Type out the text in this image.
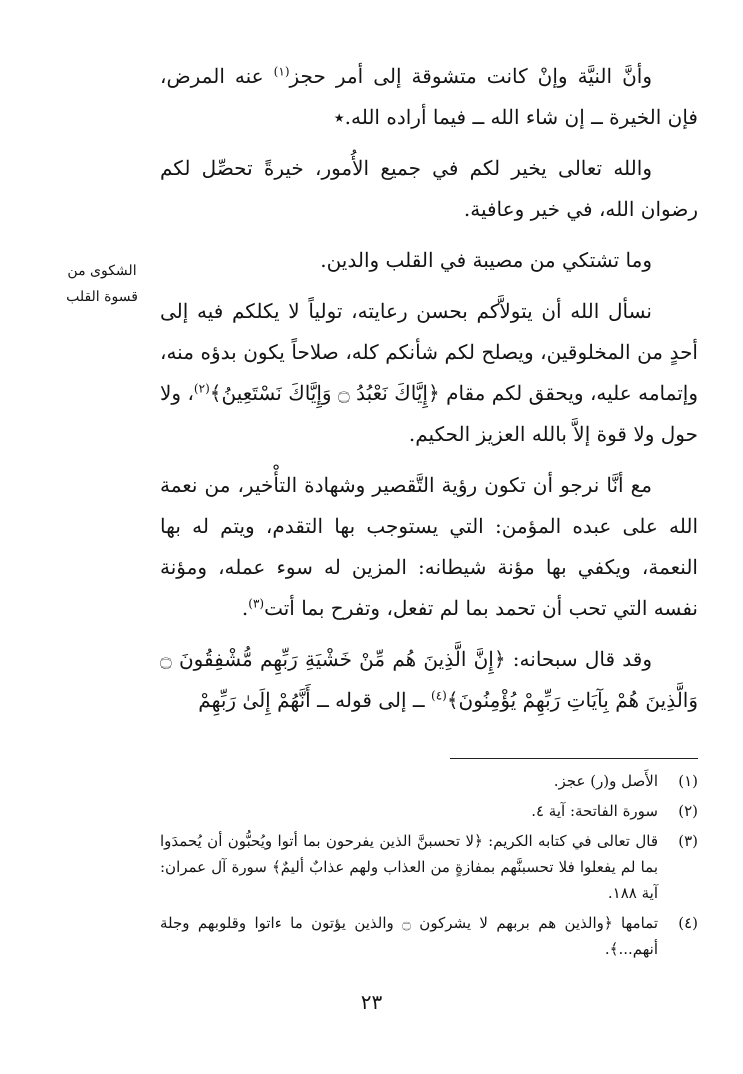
الشكوى من قسوة القلب

وأنَّ النيَّة وإنْ كانت متشوقة إلى أمر حجز$^{(١)}$ عنه المرض، فإن الخيرة ــ إن شاء الله ــ فيما أراده الله.٭

والله تعالى يخير لكم في جميع الأُمور، خيرةً تحصِّل لكم رضوان الله، في خير وعافية.

وما تشتكي من مصيبة في القلب والدين.

نسأل الله أن يتولاَّكم بحسن رعايته، تولياً لا يكلكم فيه إلى أحدٍ من المخلوقين، ويصلح لكم شأنكم كله، صلاحاً يكون بدؤه منه، وإتمامه عليه، ويحقق لكم مقام ﴿إِيَّاكَ نَعْبُدُ ۝ وَإِيَّاكَ نَسْتَعِينُ﴾$^{(٢)}$، ولا حول ولا قوة إلاَّ بالله العزيز الحكيم.

مع أنَّا نرجو أن تكون رؤية التَّقصير وشهادة التأْخير، من نعمة الله على عبده المؤمن: التي يستوجب بها التقدم، ويتم له بها النعمة، ويكفي بها مؤنة شيطانه: المزين له سوء عمله، ومؤنة نفسه التي تحب أن تحمد بما لم تفعل، وتفرح بما أتت$^{(٣)}$.

وقد قال سبحانه: ﴿إِنَّ الَّذِينَ هُم مِّنْ خَشْيَةِ رَبِّهِم مُّشْفِقُونَ ۝ وَالَّذِينَ هُمْ بِآيَاتِ رَبِّهِمْ يُؤْمِنُونَ﴾$^{(٤)}$ ــ إلى قوله ــ أَنَّهُمْ إِلَىٰ رَبِّهِمْ

(١)
الأَصل و(ر) عجز.
(٢)
سورة الفاتحة: آية ٤.
(٣)
قال تعالى في كتابه الكريم: ﴿لا تحسبنَّ الذين يفرحون بما أتوا ويُحبُّون أن يُحمدَوا بما لم يفعلوا فلا تحسبنَّهم بمفازةٍ من العذاب ولهم عذابٌ أليمٌ﴾ سورة آل عمران: آية ١٨٨.
(٤)
تمامها ﴿والذين هم بربهم لا يشركون ۝ والذين يؤتون ما ءاتوا وقلوبهم وجلة أنهم...﴾.
٢٣
